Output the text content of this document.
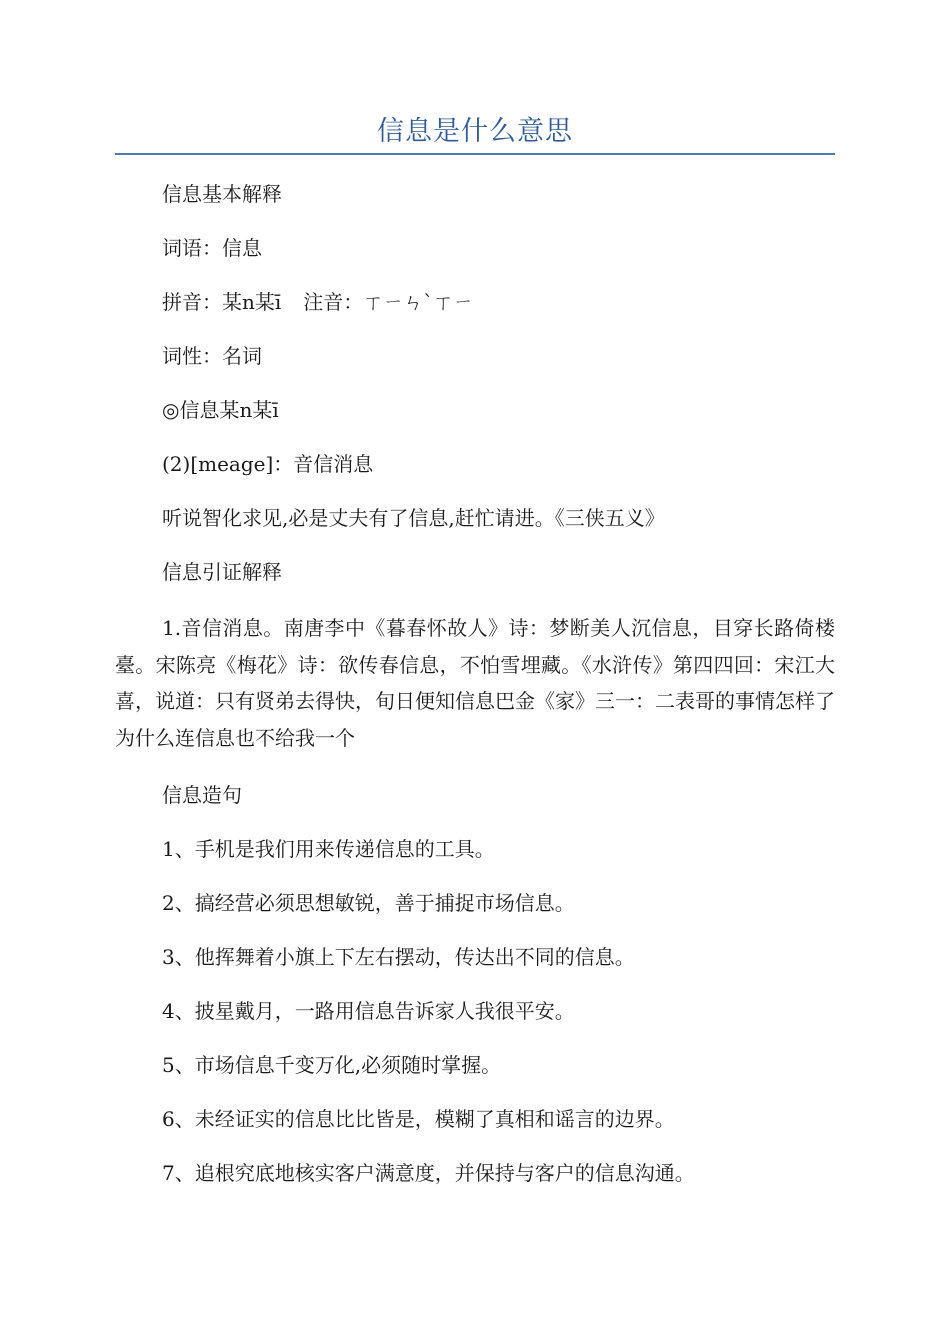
信息是什么意思
信息基本解释
词语：信息
拼音：某n某ī 注音：ㄒㄧㄣˋㄒㄧ
词性：名词
◎信息某n某ī
(2)[meage]：音信消息
听说智化求见,必是丈夫有了信息,赶忙请进。《三侠五义》
信息引证解释
1.音信消息。南唐李中《暮春怀故人》诗：梦断美人沉信息，目穿长路倚楼臺。宋陈亮《梅花》诗：欲传春信息，不怕雪埋藏。《水浒传》第四四回：宋江大喜，说道：只有贤弟去得快，旬日便知信息巴金《家》三一：二表哥的事情怎样了为什么连信息也不给我一个
信息造句
1、手机是我们用来传递信息的工具。
2、搞经营必须思想敏锐，善于捕捉市场信息。
3、他挥舞着小旗上下左右摆动，传达出不同的信息。
4、披星戴月，一路用信息告诉家人我很平安。
5、市场信息千变万化,必须随时掌握。
6、未经证实的信息比比皆是，模糊了真相和谣言的边界。
7、追根究底地核实客户满意度，并保持与客户的信息沟通。
